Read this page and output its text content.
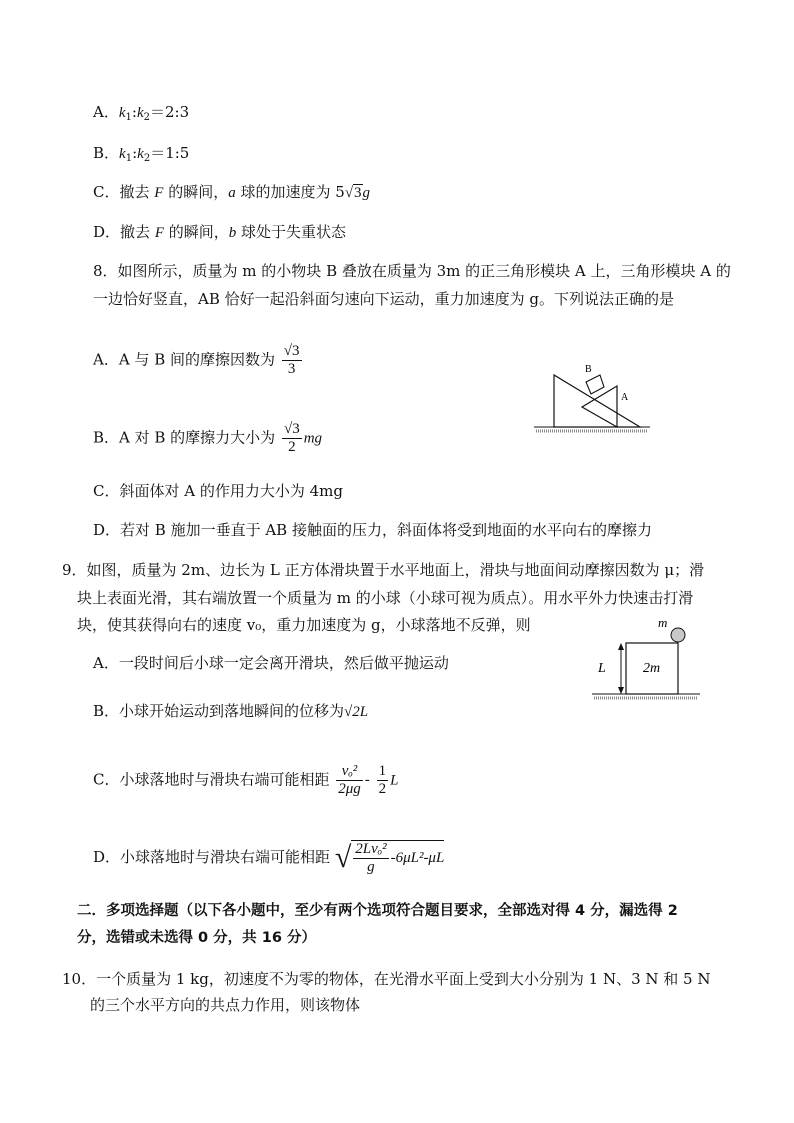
A．$k_1:k_2=2:3$
B．$k_1:k_2=1:5$
C．撤去 F 的瞬间，a 球的加速度为 5√3g
D．撤去 F 的瞬间，b 球处于失重状态
8．如图所示，质量为 m 的小物块 B 叠放在质量为 3m 的正三角形模块 A 上，三角形模块 A 的
一边恰好竖直，AB 恰好一起沿斜面匀速向下运动，重力加速度为 g。下列说法正确的是
A．A 与 B 间的摩擦因数为 $\frac{√3}{3}$
B．A 对 B 的摩擦力大小为 $\frac{√3}{2}$ mg
C．斜面体对 A 的作用力大小为 4mg
D．若对 B 施加一垂直于 AB 接触面的压力，斜面体将受到地面的水平向右的摩擦力
B
A
9．如图，质量为 2m、边长为 L 正方体滑块置于水平地面上，滑块与地面间动摩擦因数为 μ；滑
块上表面光滑，其右端放置一个质量为 m 的小球（小球可视为质点）。用水平外力快速击打滑
块，使其获得向右的速度 v₀，重力加速度为 g，小球落地不反弹，则
A．一段时间后小球一定会离开滑块，然后做平抛运动
B．小球开始运动到落地瞬间的位移为√2L
C．小球落地时与滑块右端可能相距 $\frac{\text{vₒ²}}{2\mu g} - \frac{1}{2}$ L
D．小球落地时与滑块右端可能相距 √ $\frac{\text{2Lvₒ²}}{g} -6\mu L^2-\mu L$
L	2m
m
二．多项选择题（以下各小题中，至少有两个选项符合题目要求，全部选对得 4 分，漏选得 2
分，选错或未选得 0 分，共 16 分）
10．一个质量为 1 kg，初速度不为零的物体，在光滑水平面上受到大小分别为 1 N、3 N 和 5 N
的三个水平方向的共点力作用，则该物体
